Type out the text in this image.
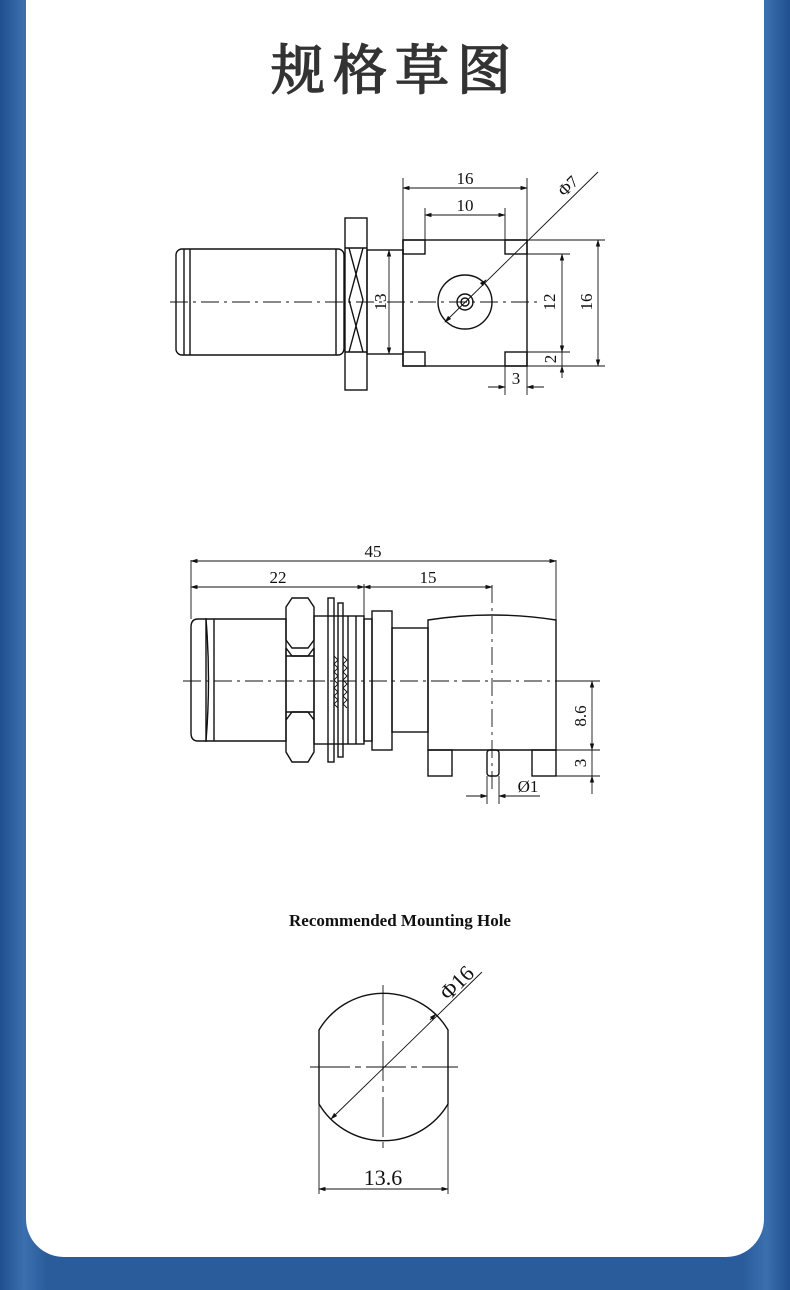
规格草图
16
10
Φ7
13	12 16
2
3
45
22	15
8.6
3
Ø1
Recommended Mounting Hole
Φ16
13.6
